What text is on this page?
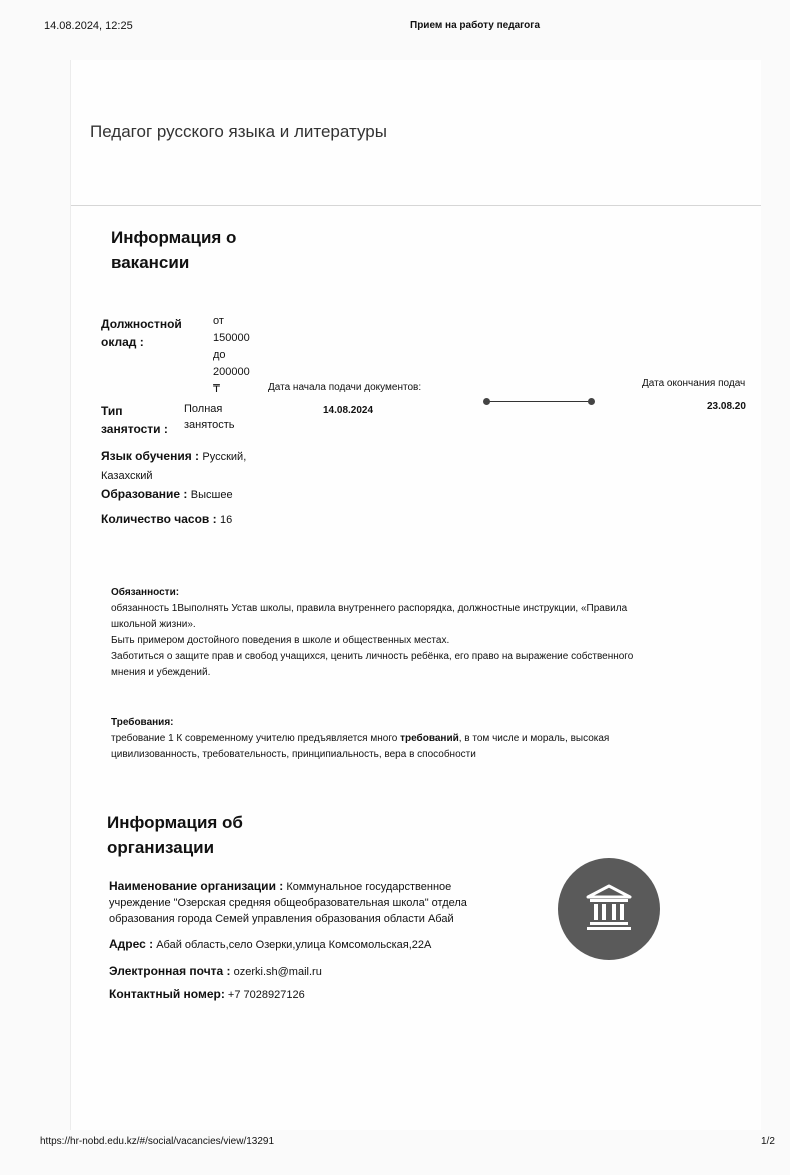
14.08.2024, 12:25	Прием на работу педагога
Педагог русского языка и литературы
Информация о вакансии
Должностной оклад :
от
150000
до
200000
₸
Тип занятости :
Полная занятость
Язык обучения : Русский, Казахский
Образование : Высшее
Количество часов : 16
Дата начала подачи документов:
14.08.2024
Дата окончания подач
23.08.20
Обязанности:
обязанность 1Выполнять Устав школы, правила внутреннего распорядка, должностные инструкции, «Правила
школьной жизни».
Быть примером достойного поведения в школе и общественных местах.
Заботиться о защите прав и свобод учащихся, ценить личность ребёнка, его право на выражение собственного
мнения и убеждений.
Требования:
требование 1 К современному учителю предъявляется много требований, в том числе и мораль, высокая
цивилизованность, требовательность, принципиальность, вера в способности
Информация об организации
Наименование организации : Коммунальное государственное учреждение "Озерская средняя общеобразовательная школа" отдела образования города Семей управления образования области Абай
Адрес : Абай область,село Озерки,улица Комсомольская,22А
Электронная почта : ozerki.sh@mail.ru
Контактный номер: +7 7028927126
https://hr-nobd.edu.kz/#/social/vacancies/view/13291	1/2
